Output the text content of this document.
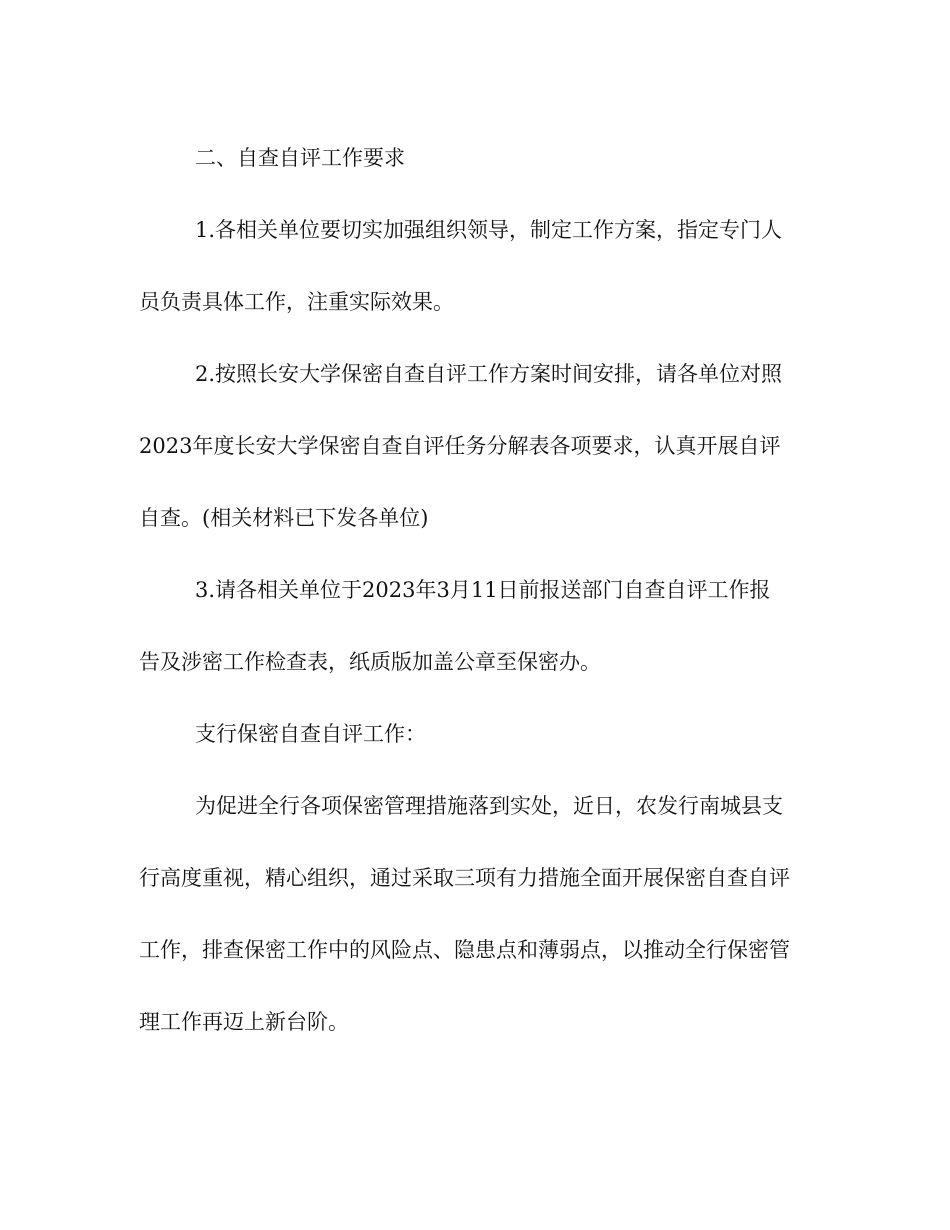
二、自查自评工作要求
1.各相关单位要切实加强组织领导，制定工作方案，指定专门人
员负责具体工作，注重实际效果。
2.按照长安大学保密自查自评工作方案时间安排，请各单位对照
2023年度长安大学保密自查自评任务分解表各项要求，认真开展自评
自查。(相关材料已下发各单位)
3.请各相关单位于2023年3月11日前报送部门自查自评工作报
告及涉密工作检查表，纸质版加盖公章至保密办。
支行保密自查自评工作：
为促进全行各项保密管理措施落到实处，近日，农发行南城县支
行高度重视，精心组织，通过采取三项有力措施全面开展保密自查自评
工作，排查保密工作中的风险点、隐患点和薄弱点，以推动全行保密管
理工作再迈上新台阶。
